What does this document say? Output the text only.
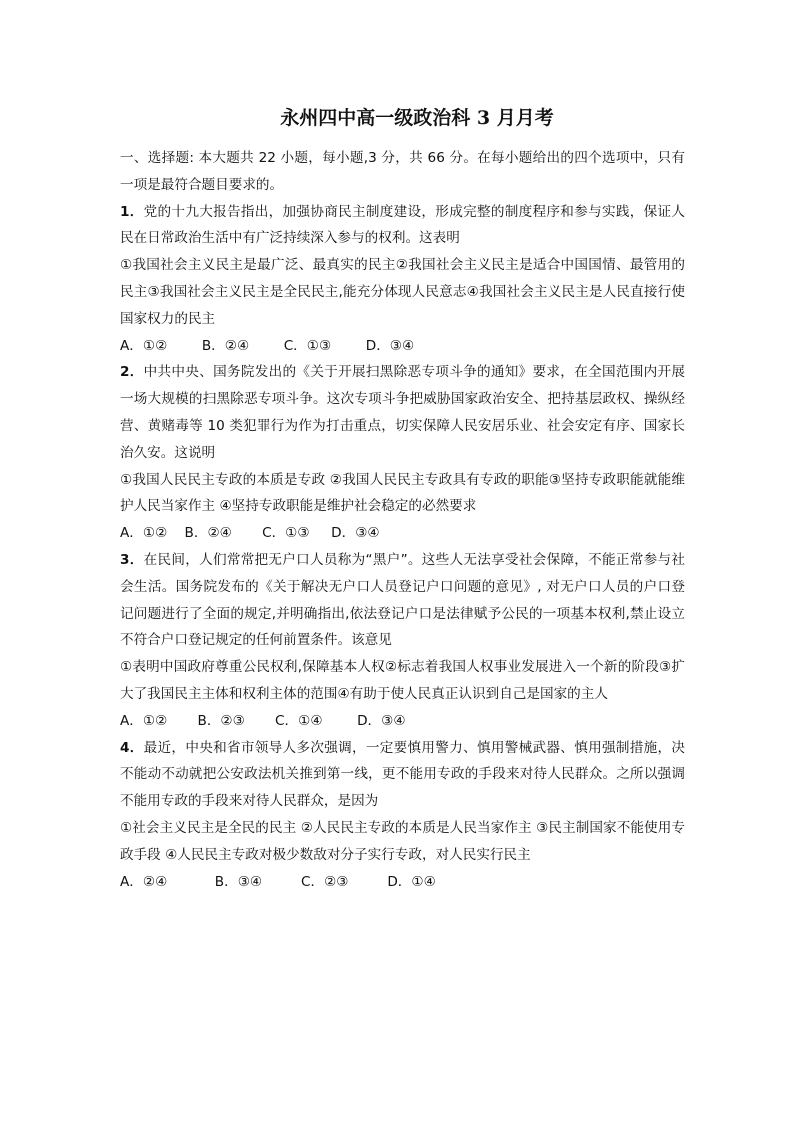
永州四中高一级政治科 3 月月考

一、选择题: 本大题共 22 小题，每小题,3 分，共 66 分。在每小题给出的四个选项中，只有一项是最符合题目要求的。

1．党的十九大报告指出，加强协商民主制度建设，形成完整的制度程序和参与实践，保证人民在日常政治生活中有广泛持续深入参与的权利。这表明

①我国社会主义民主是最广泛、最真实的民主②我国社会主义民主是适合中国国情、最管用的民主③我国社会主义民主是全民民主,能充分体现人民意志④我国社会主义民主是人民直接行使国家权力的民主

A．①②        B．②④        C．①③        D．③④

2．中共中央、国务院发出的《关于开展扫黑除恶专项斗争的通知》要求，在全国范围内开展一场大规模的扫黑除恶专项斗争。这次专项斗争把威胁国家政治安全、把持基层政权、操纵经营、黄赌毒等 10 类犯罪行为作为打击重点，切实保障人民安居乐业、社会安定有序、国家长治久安。这说明

①我国人民民主专政的本质是专政 ②我国人民民主专政具有专政的职能③坚持专政职能就能维护人民当家作主 ④坚持专政职能是维护社会稳定的必然要求

A．①②    B．②④       C．①③     D．③④

3．在民间，人们常常把无户口人员称为“黑户”。这些人无法享受社会保障，不能正常参与社会生活。国务院发布的《关于解决无户口人员登记户口问题的意见》, 对无户口人员的户口登记问题进行了全面的规定,并明确指出,依法登记户口是法律赋予公民的一项基本权利,禁止设立不符合户口登记规定的任何前置条件。该意见

①表明中国政府尊重公民权利,保障基本人权②标志着我国人权事业发展进入一个新的阶段③扩大了我国民主主体和权利主体的范围④有助于使人民真正认识到自己是国家的主人

A．①②       B．②③       C．①④        D．③④

4．最近，中央和省市领导人多次强调，一定要慎用警力、慎用警械武器、慎用强制措施，决不能动不动就把公安政法机关推到第一线，更不能用专政的手段来对待人民群众。之所以强调不能用专政的手段来对待人民群众，是因为

①社会主义民主是全民的民主 ②人民民主专政的本质是人民当家作主 ③民主制国家不能使用专政手段 ④人民民主专政对极少数敌对分子实行专政，对人民实行民主

A．②④           B．③④         C．②③         D．①④
